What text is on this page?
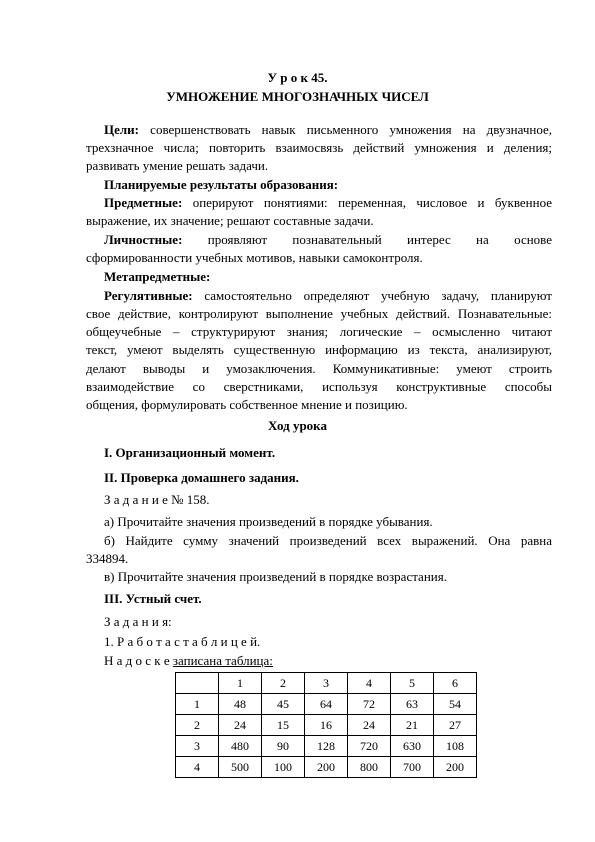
У р о к 45.
УМНОЖЕНИЕ МНОГОЗНАЧНЫХ ЧИСЕЛ
Цели: совершенствовать навык письменного умножения на двузначное,
трехзначное числа; повторить взаимосвязь действий умножения и деления;
развивать умение решать задачи.
Планируемые результаты образования:
Предметные: оперируют понятиями: переменная, числовое и буквенное
выражение, их значение; решают составные задачи.
Личностные: проявляют познавательный интерес на основе
сформированности учебных мотивов, навыки самоконтроля.
Метапредметные:
Регулятивные: самостоятельно определяют учебную задачу, планируют
свое действие, контролируют выполнение учебных действий. Познавательные:
общеучебные – структурируют знания; логические – осмысленно читают
текст, умеют выделять существенную информацию из текста, анализируют,
делают выводы и умозаключения. Коммуникативные: умеют строить
взаимодействие со сверстниками, используя конструктивные способы
общения, формулировать собственное мнение и позицию.
Ход урока
I. Организационный момент.
II. Проверка домашнего задания.
З а д а н и е № 158.
а) Прочитайте значения произведений в порядке убывания.
б) Найдите сумму значений произведений всех выражений. Она равна
334894.
в) Прочитайте значения произведений в порядке возрастания.
III. Устный счет.
З а д а н и я:
1. Р а б о т а с т а б л и ц е й.
Н а д о с к е записана таблица:
	1	2	3	4	5	6
1	48	45	64	72	63	54
2	24	15	16	24	21	27
3	480	90	128	720	630	108
4	500	100	200	800	700	200
